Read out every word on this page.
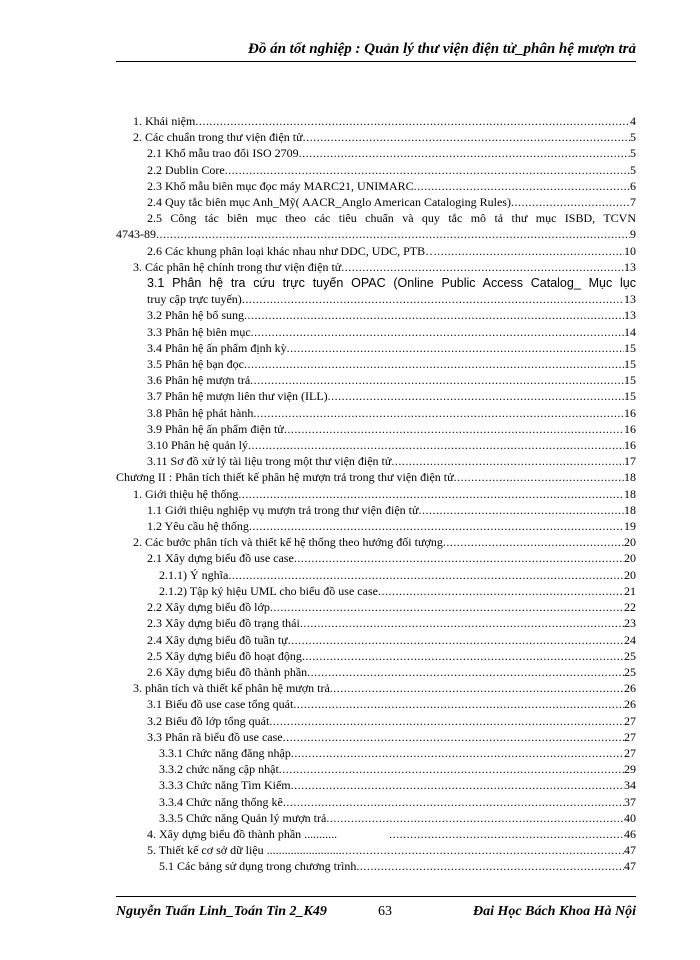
Đồ án tốt nghiệp : Quản lý thư viện điện tử_phân hệ mượn trả
1. Khái niệm .....	4
2. Các chuẩn trong thư viện điện tử .....	5
2.1 Khổ mẫu trao đổi ISO 2709 .....	5
2.2 Dublin Core .....	5
2.3 Khổ mẫu biên mục đọc máy MARC21, UNIMARC .....	6
2.4 Quy tắc biên mục Anh_Mỹ( AACR_Anglo American Cataloging Rules) .....	7
2.5 Công tác biên mục theo các tiêu chuẩn và quy tắc mô tả thư mục ISBD, TCVN
4743-89 .....	9
2.6 Các khung phân loại khác nhau như DDC, UDC, PTB… .....	10
3. Các phân hệ chính trong thư viện điện tử .....	13
3.1 Phân hệ tra cứu trực tuyến OPAC (Online Public Access Catalog_ Mục lục
truy cập trực tuyến) .....	13
3.2 Phân hệ bổ sung .....	13
3.3 Phân hệ biên mục .....	14
3.4 Phân hệ ấn phẩm định kỳ .....	15
3.5 Phân hệ bạn đọc .....	15
3.6 Phân hệ mượn trả .....	15
3.7 Phân hệ mượn liên thư viện (ILL) .....	15
3.8 Phân hệ phát hành .....	16
3.9 Phân hệ ấn phẩm điện tử .....	16
3.10 Phân hệ quản lý .....	16
3.11 Sơ đồ xử lý tài liệu trong một thư viện điện tử .....	17
Chương II : Phân tích thiết kế phân hệ mượn trả trong thư viện điện tử .....	18
1. Giới thiệu hệ thống .....	18
1.1 Giới thiệu nghiệp vụ mượn trả trong thư viện điện tử .....	18
1.2 Yêu cầu hệ thống .....	19
2. Các bước phân tích và thiết kế hệ thống theo hướng đối tượng .....	20
2.1 Xây dựng biểu đồ use case .....	20
2.1.1) Ý nghĩa .....	20
2.1.2) Tập ký hiệu UML cho biểu đồ use case .....	21
2.2 Xây dựng biểu đồ lớp .....	22
2.3 Xây dựng biểu đồ trạng thái .....	23
2.4 Xây dựng biểu đồ tuần tự .....	24
2.5 Xây dựng biểu đồ hoạt động .....	25
2.6 Xây dựng biểu đồ thành phần .....	25
3. phân tích và thiết kế phân hệ mượn trả .....	26
3.1 Biểu đồ use case tổng quát .....	26
3.2 Biểu đồ lớp tổng quát .....	27
3.3 Phân rã biểu đồ use case .....	27
3.3.1 Chức năng đăng nhập .....	27
3.3.2 chức năng cập nhật .....	29
3.3.3 Chức năng Tìm Kiếm .....	34
3.3.4 Chức năng thống kê .....	37
3.3.5 Chức năng Quản lý mượn trả .....	40
4. Xây dựng biểu đồ thành phần ........... .....	46
5. Thiết kế cơ sở dữ liệu ......................... .....	47
5.1 Các bảng sử dụng trong chương trình .....	47
Nguyễn Tuấn Linh_Toán Tin 2_K49	63	Đai Học Bách Khoa Hà Nội
